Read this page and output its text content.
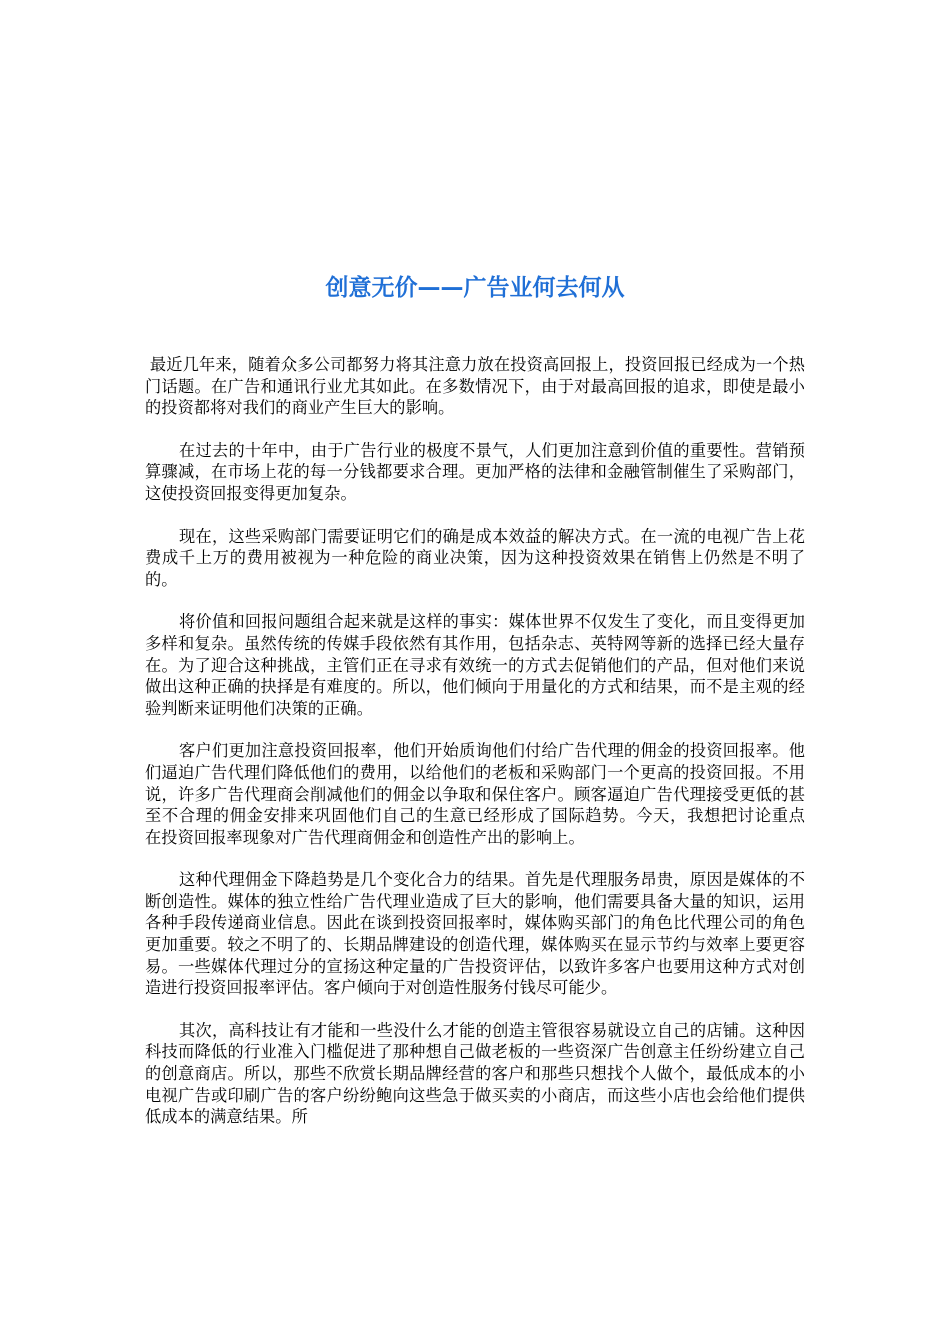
创意无价——广告业何去何从

最近几年来，随着众多公司都努力将其注意力放在投资高回报上，投资回报已经成为一个热门话题。在广告和通讯行业尤其如此。在多数情况下，由于对最高回报的追求，即使是最小的投资都将对我们的商业产生巨大的影响。

在过去的十年中，由于广告行业的极度不景气，人们更加注意到价值的重要性。营销预算骤减，在市场上花的每一分钱都要求合理。更加严格的法律和金融管制催生了采购部门，这使投资回报变得更加复杂。

现在，这些采购部门需要证明它们的确是成本效益的解决方式。在一流的电视广告上花费成千上万的费用被视为一种危险的商业决策，因为这种投资效果在销售上仍然是不明了的。

将价值和回报问题组合起来就是这样的事实：媒体世界不仅发生了变化，而且变得更加多样和复杂。虽然传统的传媒手段依然有其作用，包括杂志、英特网等新的选择已经大量存在。为了迎合这种挑战，主管们正在寻求有效统一的方式去促销他们的产品，但对他们来说做出这种正确的抉择是有难度的。所以，他们倾向于用量化的方式和结果，而不是主观的经验判断来证明他们决策的正确。

客户们更加注意投资回报率，他们开始质询他们付给广告代理的佣金的投资回报率。他们逼迫广告代理们降低他们的费用，以给他们的老板和采购部门一个更高的投资回报。不用　说，许多广告代理商会削减他们的佣金以争取和保住客户。顾客逼迫广告代理接受更低的甚至不合理的佣金安排来巩固他们自己的生意已经形成了国际趋势。今天，我想把讨论重点　在投资回报率现象对广告代理商佣金和创造性产出的影响上。

这种代理佣金下降趋势是几个变化合力的结果。首先是代理服务昂贵，原因是媒体的不断创造性。媒体的独立性给广告代理业造成了巨大的影响，他们需要具备大量的知识，运用各种手段传递商业信息。因此在谈到投资回报率时，媒体购买部门的角色比代理公司的角色更加重要。较之不明了的、长期品牌建设的创造代理，媒体购买在显示节约与效率上要更容易。一些媒体代理过分的宣扬这种定量的广告投资评估，以致许多客户也要用这种方式对创造进行投资回报率评估。客户倾向于对创造性服务付钱尽可能少。

其次，高科技让有才能和一些没什么才能的创造主管很容易就设立自己的店铺。这种因科技而降低的行业准入门槛促进了那种想自己做老板的一些资深广告创意主任纷纷建立自己的创意商店。所以，那些不欣赏长期品牌经营的客户和那些只想找个人做个，最低成本的小电视广告或印刷广告的客户纷纷鲍向这些急于做买卖的小商店，而这些小店也会给他们提供低成本的满意结果。所
